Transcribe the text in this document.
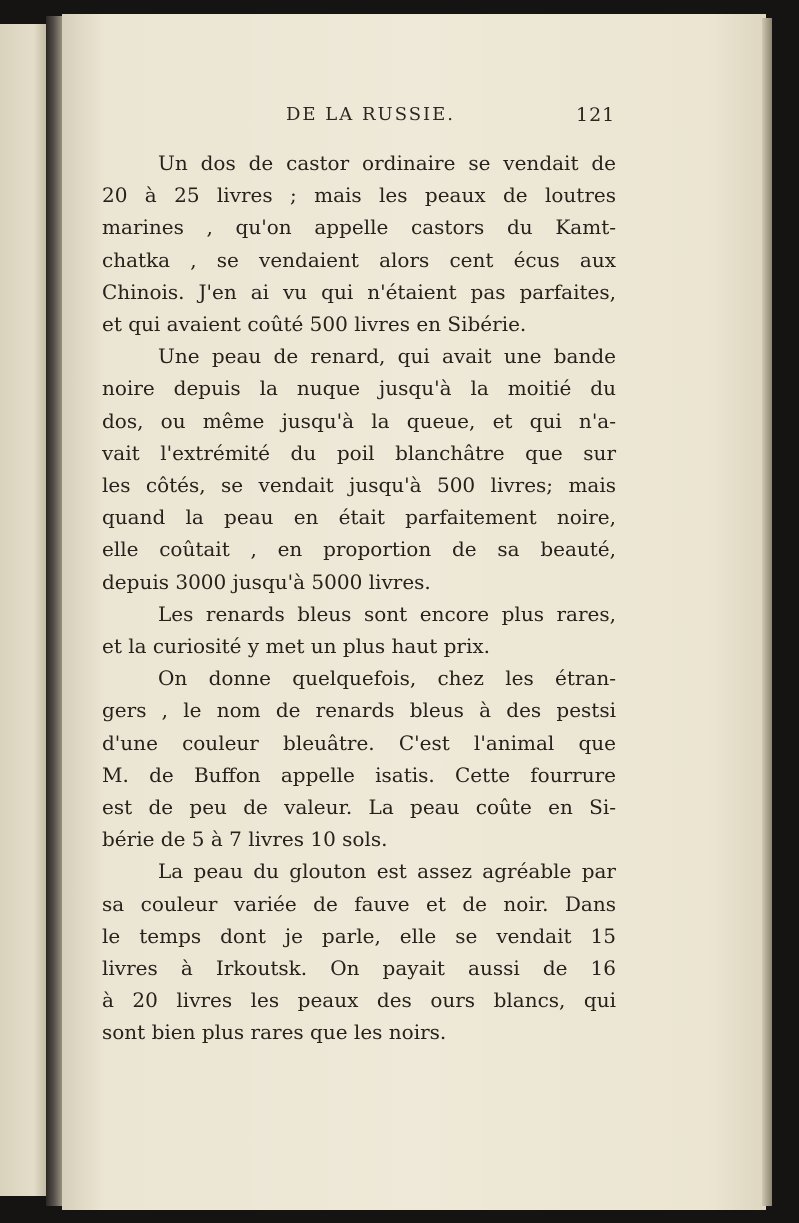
DE LA RUSSIE.	121

Un dos de castor ordinaire se vendait de
20 à 25 livres ; mais les peaux de loutres
marines , qu'on appelle castors du Kamt-
chatka , se vendaient alors cent écus aux
Chinois. J'en ai vu qui n'étaient pas parfaites,
et qui avaient coûté 500 livres en Sibérie.

Une peau de renard, qui avait une bande
noire depuis la nuque jusqu'à la moitié du
dos, ou même jusqu'à la queue, et qui n'a-
vait l'extrémité du poil blanchâtre que sur
les côtés, se vendait jusqu'à 500 livres; mais
quand la peau en était parfaitement noire,
elle coûtait , en proportion de sa beauté,
depuis 3000 jusqu'à 5000 livres.

Les renards bleus sont encore plus rares,
et la curiosité y met un plus haut prix.

On donne quelquefois, chez les étran-
gers , le nom de renards bleus à des pestsi
d'une couleur bleuâtre. C'est l'animal que
M. de Buffon appelle isatis. Cette fourrure
est de peu de valeur. La peau coûte en Si-
bérie de 5 à 7 livres 10 sols.

La peau du glouton est assez agréable par
sa couleur variée de fauve et de noir. Dans
le temps dont je parle, elle se vendait 15
livres à Irkoutsk. On payait aussi de 16
à 20 livres les peaux des ours blancs, qui
sont bien plus rares que les noirs.
